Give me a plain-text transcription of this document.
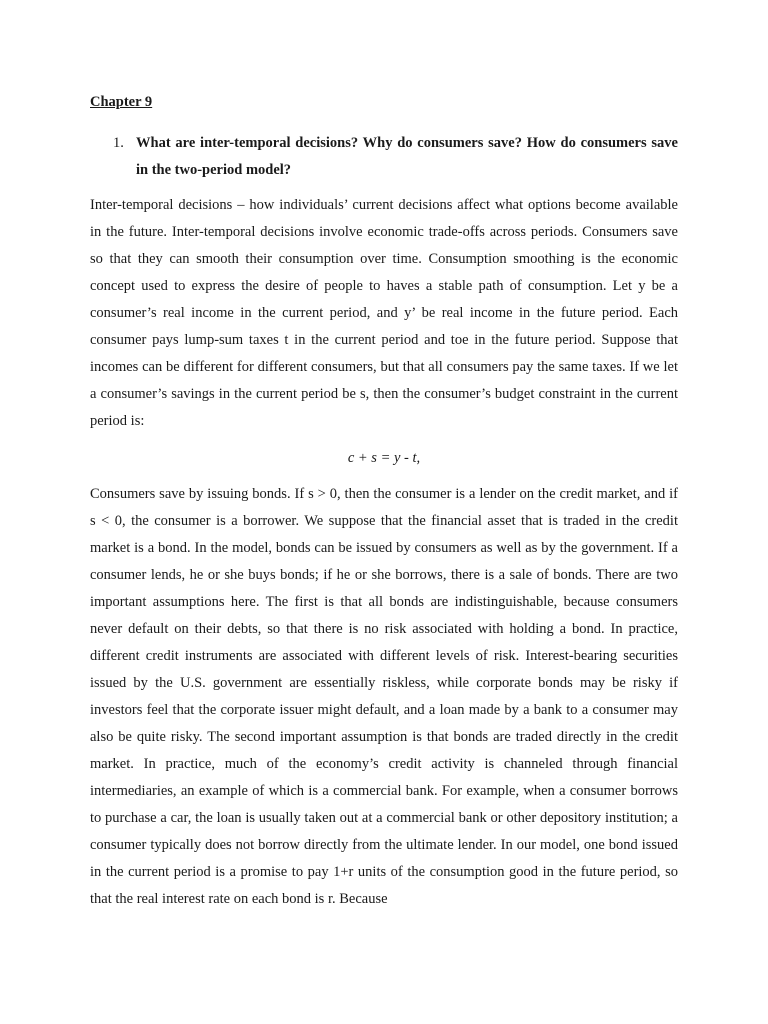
Chapter 9
1. What are inter-temporal decisions? Why do consumers save? How do consumers save in the two-period model?

Inter-temporal decisions – how individuals’ current decisions affect what options become available in the future. Inter-temporal decisions involve economic trade-offs across periods. Consumers save so that they can smooth their consumption over time. Consumption smoothing is the economic concept used to express the desire of people to haves a stable path of consumption. Let y be a consumer’s real income in the current period, and y’ be real income in the future period. Each consumer pays lump-sum taxes t in the current period and toe in the future period. Suppose that incomes can be different for different consumers, but that all consumers pay the same taxes. If we let a consumer’s savings in the current period be s, then the consumer’s budget constraint in the current period is:

c + s = y - t,

Consumers save by issuing bonds. If s > 0, then the consumer is a lender on the credit market, and if s < 0, the consumer is a borrower. We suppose that the financial asset that is traded in the credit market is a bond. In the model, bonds can be issued by consumers as well as by the government. If a consumer lends, he or she buys bonds; if he or she borrows, there is a sale of bonds. There are two important assumptions here. The first is that all bonds are indistinguishable, because consumers never default on their debts, so that there is no risk associated with holding a bond. In practice, different credit instruments are associated with different levels of risk. Interest-bearing securities issued by the U.S. government are essentially riskless, while corporate bonds may be risky if investors feel that the corporate issuer might default, and a loan made by a bank to a consumer may also be quite risky. The second important assumption is that bonds are traded directly in the credit market. In practice, much of the economy’s credit activity is channeled through financial intermediaries, an example of which is a commercial bank. For example, when a consumer borrows to purchase a car, the loan is usually taken out at a commercial bank or other depository institution; a consumer typically does not borrow directly from the ultimate lender. In our model, one bond issued in the current period is a promise to pay 1+r units of the consumption good in the future period, so that the real interest rate on each bond is r. Because
